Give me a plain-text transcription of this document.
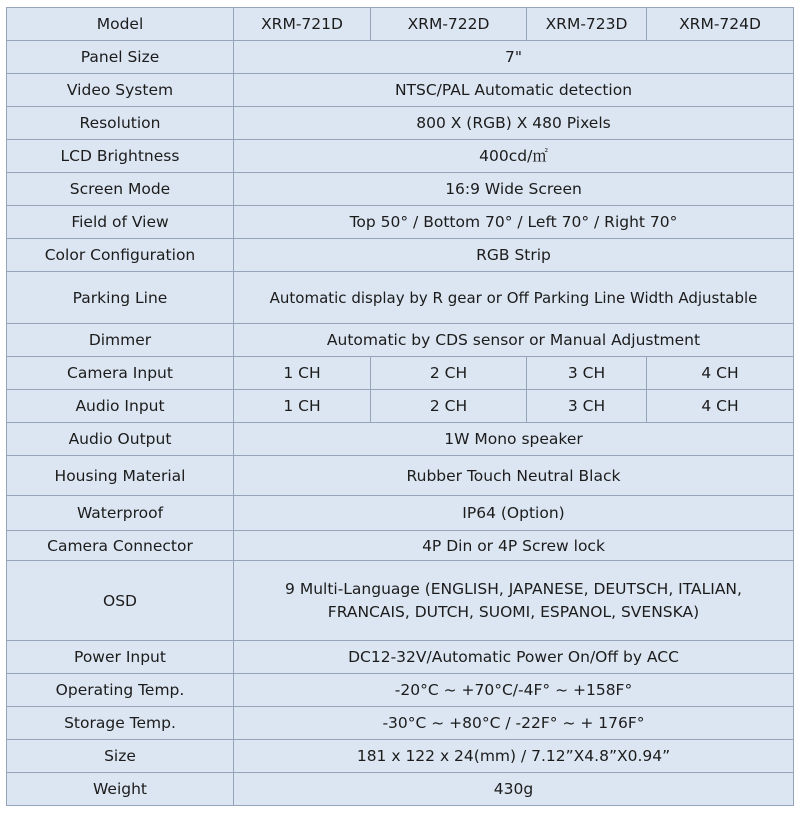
Model	XRM-721D	XRM-722D	XRM-723D	XRM-724D
Panel Size	7"			
Video System	NTSC/PAL Automatic detection			
Resolution	800 X (RGB) X 480 Pixels			
LCD Brightness	400cd/㎡			
Screen Mode	16:9 Wide Screen			
Field of View	Top 50° / Bottom 70° / Left 70° / Right 70°			
Color Configuration	RGB Strip			
Parking Line	Automatic display by R gear or Off Parking Line Width Adjustable			
Dimmer	Automatic by CDS sensor or Manual Adjustment			
Camera Input	1 CH	2 CH	3 CH	4 CH
Audio Input	1 CH	2 CH	3 CH	4 CH
Audio Output	1W Mono speaker			
Housing Material	Rubber Touch Neutral Black			
Waterproof	IP64 (Option)			
Camera Connector	4P Din or 4P Screw lock			
OSD	9 Multi-Language (ENGLISH, JAPANESE, DEUTSCH, ITALIAN,
FRANCAIS, DUTCH, SUOMI, ESPANOL, SVENSKA)			

Power Input	DC12-32V/Automatic Power On/Off by ACC			
Operating Temp.	-20°C ~ +70°C/-4F° ~ +158F°			
Storage Temp.	-30°C ~ +80°C / -22F° ~ + 176F°			
Size	181 x 122 x 24(mm) / 7.12”X4.8”X0.94”			
Weight	430g			
